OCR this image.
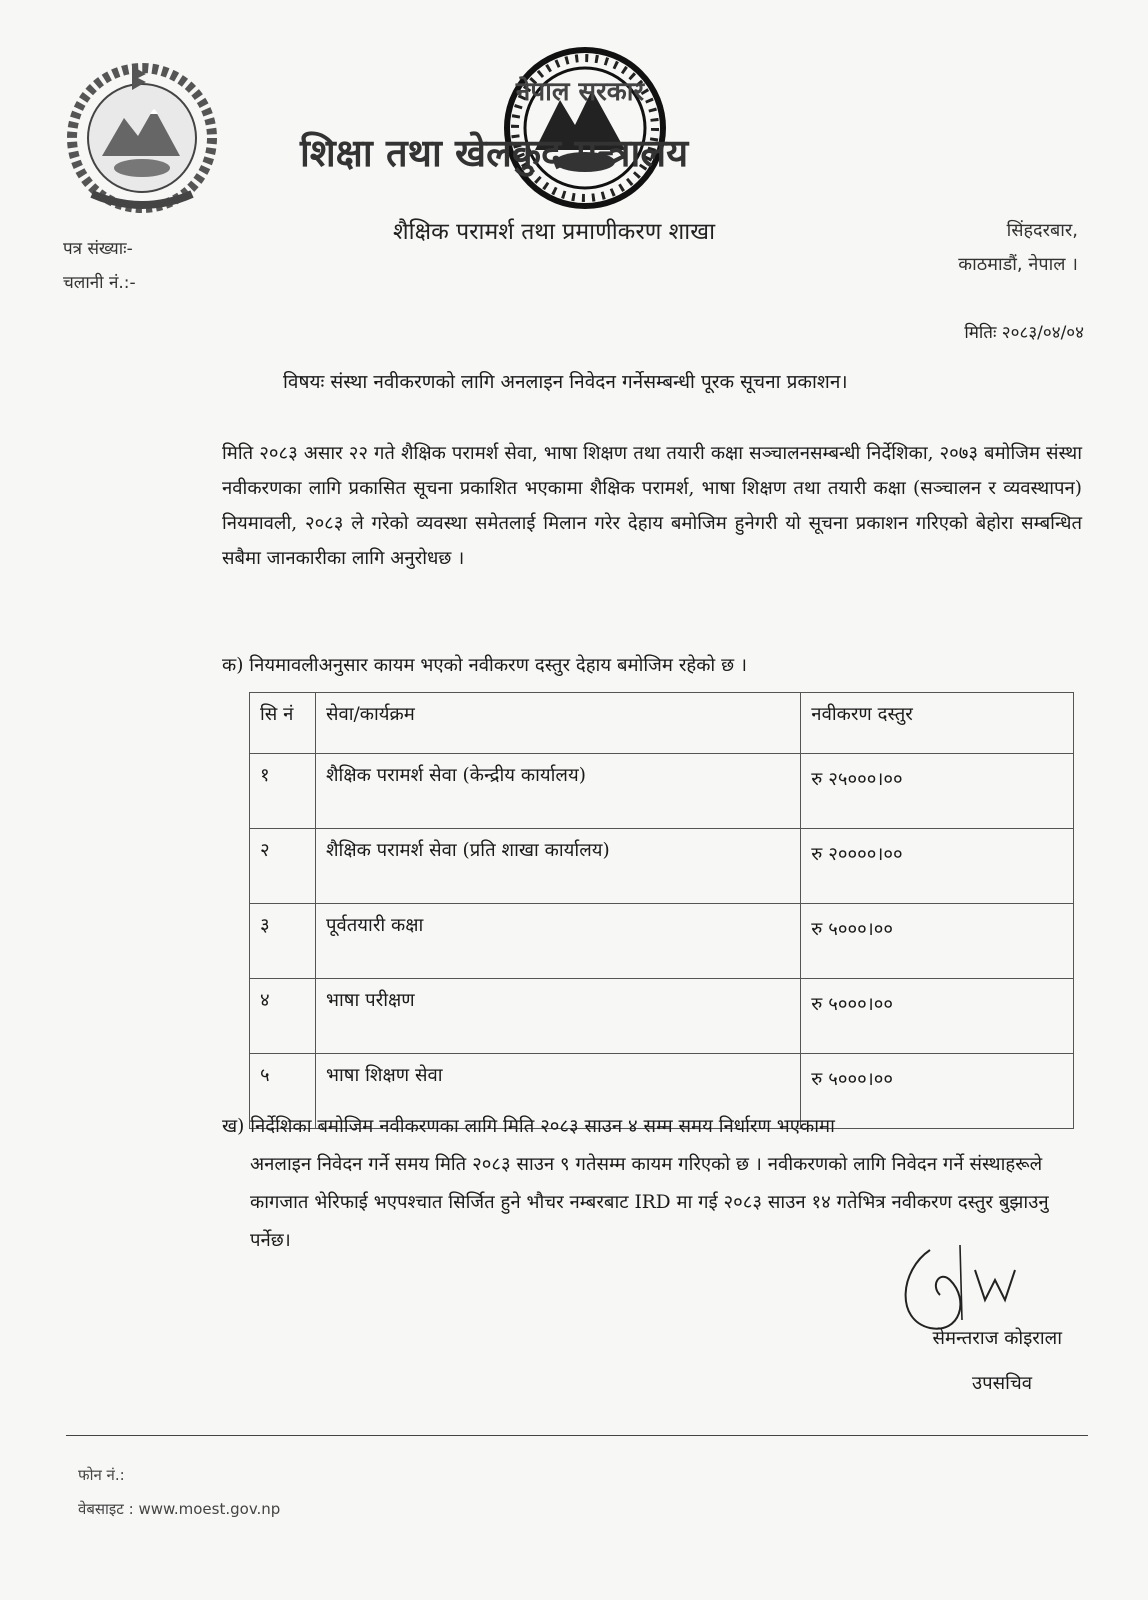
नेपाल सरकार
शिक्षा तथा खेलकुद मन्त्रालय
शैक्षिक परामर्श तथा प्रमाणीकरण शाखा	सिंहदरबार,
काठमाडौं, नेपाल ।
पत्र संख्याः-
चलानी नं.:-
मितिः २०८३/०४/०४
विषयः संस्था नवीकरणको लागि अनलाइन निवेदन गर्नेसम्बन्धी पूरक सूचना प्रकाशन।
मिति २०८३ असार २२ गते शैक्षिक परामर्श सेवा, भाषा शिक्षण तथा तयारी कक्षा सञ्चालनसम्बन्धी निर्देशिका, २०७३ बमोजिम संस्था नवीकरणका लागि प्रकासित सूचना प्रकाशित भएकामा शैक्षिक परामर्श, भाषा शिक्षण तथा तयारी कक्षा (सञ्चालन र व्यवस्थापन) नियमावली, २०८३ ले गरेको व्यवस्था समेतलाई मिलान गरेर देहाय बमोजिम हुनेगरी यो सूचना प्रकाशन गरिएको बेहोरा सम्बन्धित सबैमा जानकारीका लागि अनुरोधछ ।
क) नियमावलीअनुसार कायम भएको नवीकरण दस्तुर देहाय बमोजिम रहेको छ ।
सि नं	सेवा/कार्यक्रम	नवीकरण दस्तुर
१	शैक्षिक परामर्श सेवा (केन्द्रीय कार्यालय)	रु २५०००।००
२	शैक्षिक परामर्श सेवा (प्रति शाखा कार्यालय)	रु २००००।००
३	पूर्वतयारी कक्षा	रु ५०००।००
४	भाषा परीक्षण	रु ५०००।००
५	भाषा शिक्षण सेवा	रु ५०००।००
ख) निर्देशिका बमोजिम नवीकरणका लागि मिति २०८३ साउन ४ सम्म समय निर्धारण भएकामा
अनलाइन निवेदन गर्ने समय मिति २०८३ साउन ९ गतेसम्म कायम गरिएको छ । नवीकरणको लागि निवेदन गर्ने संस्थाहरूले कागजात भेरिफाई भएपश्चात सिर्जित हुने भौचर नम्बरबाट IRD मा गई २०८३ साउन १४ गतेभित्र नवीकरण दस्तुर बुझाउनु पर्नेछ।
सेमन्तराज कोइराला
उपसचिव
फोन नं.:
वेबसाइट : www.moest.gov.np
